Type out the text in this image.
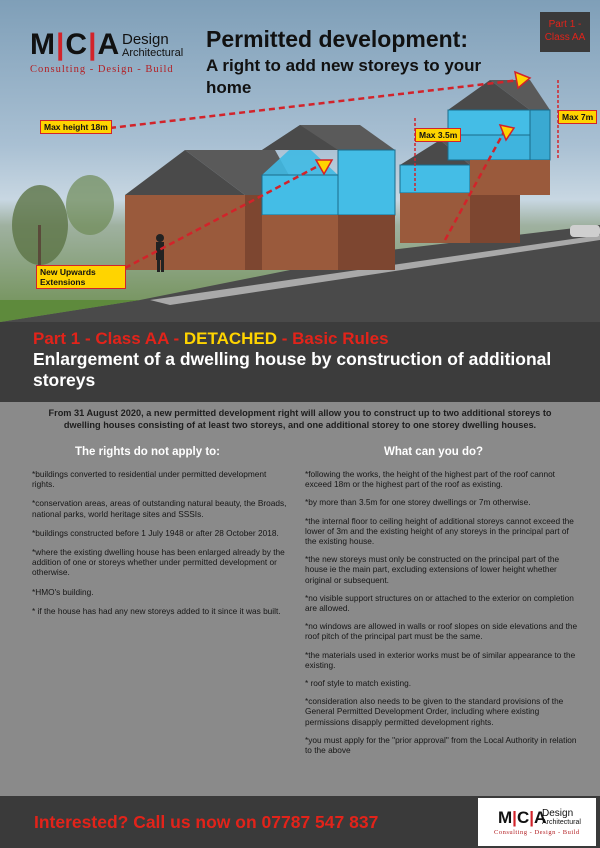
M|C|A Design
Architectural
Consulting - Design - Build
Permitted development:
A right to add new storeys to your home
Part 1 - Class AA
Max height 18m
Max 3.5m
Max 7m
New Upwards Extensions
Part 1 - Class AA - DETACHED - Basic Rules
Enlargement of a dwelling house by construction of additional storeys
From 31 August 2020, a new permitted development right will allow you to construct up to two additional storeys to dwelling houses consisting of at least two storeys, and one additional storey to one storey dwelling houses.
The rights do not apply to:

*buildings converted to residential under permitted development rights.

*conservation areas, areas of outstanding natural beauty, the Broads, national parks, world heritage sites and SSSIs.

*buildings constructed before 1 July 1948 or after 28 October 2018.

*where the existing dwelling house has been enlarged already by the addition of one or storeys whether under permitted development or otherwise.

*HMO's building.

* if the house has had any new storeys added to it since it was built.

What can you do?

*following the works, the height of the highest part of the roof cannot exceed 18m or the highest part of the roof as existing.

*by more than 3.5m for one storey dwellings or 7m otherwise.

*the internal floor to ceiling height of additional storeys cannot exceed the lower of 3m and the existing height of any storeys in the principal part of the existing house.

*the new storeys must only be constructed on the principal part of the house ie the main part, excluding extensions of lower height whether original or subsequent.

*no visible support structures on or attached to the exterior on completion are allowed.

*no windows are allowed in walls or roof slopes on side elevations and the roof pitch of the principal part must be the same.

*the materials used in exterior works must be of similar appearance to the existing.

* roof style to match existing.

*consideration also needs to be given to the standard provisions of the General Permitted Development Order, including where existing permissions disapply permitted development rights.

*you must apply for the "prior approval" from the Local Authority in relation to the above

Interested? Call us now on 07787 547 837	M|C|A
Design
Architectural
Consulting - Design - Build
